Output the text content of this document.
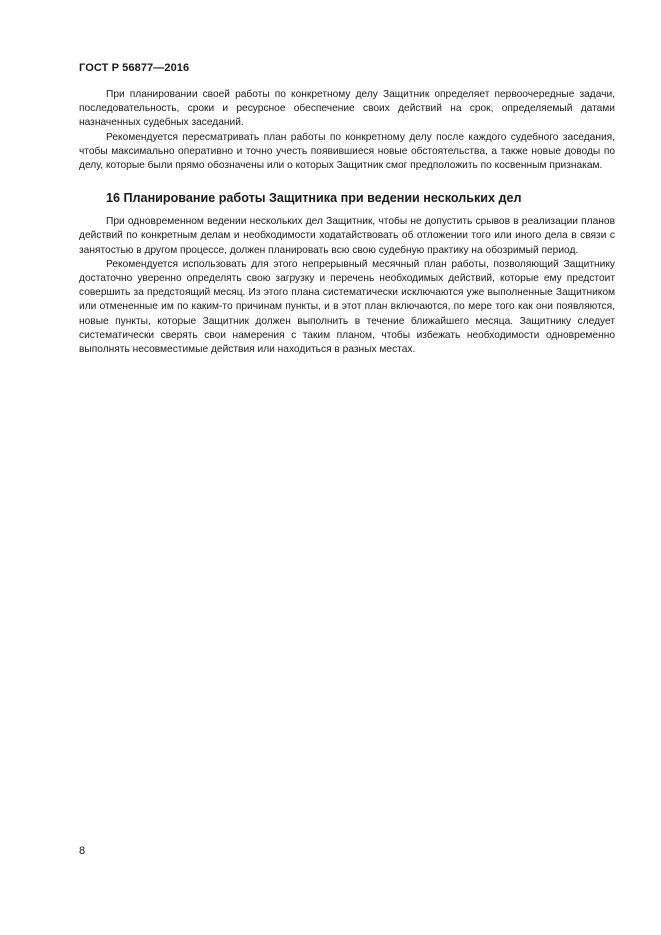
ГОСТ Р 56877—2016

При планировании своей работы по конкретному делу Защитник определяет первоочередные задачи, последовательность, сроки и ресурсное обеспечение своих действий на срок, определяемый датами назначенных судебных заседаний.

Рекомендуется пересматривать план работы по конкретному делу после каждого судебного заседания, чтобы максимально оперативно и точно учесть появившиеся новые обстоятельства, а также новые доводы по делу, которые были прямо обозначены или о которых Защитник смог предположить по косвенным признакам.

16 Планирование работы Защитника при ведении нескольких дел

При одновременном ведении нескольких дел Защитник, чтобы не допустить срывов в реализации планов действий по конкретным делам и необходимости ходатайствовать об отложении того или иного дела в связи с занятостью в другом процессе, должен планировать всю свою судебную практику на обозримый период.

Рекомендуется использовать для этого непрерывный месячный план работы, позволяющий Защитнику достаточно уверенно определять свою загрузку и перечень необходимых действий, которые ему предстоит совершить за предстоящий месяц. Из этого плана систематически исключаются уже выполненные Защитником или отмененные им по каким-то причинам пункты, и в этот план включаются, по мере того как они появляются, новые пункты, которые Защитник должен выполнить в течение ближайшего месяца. Защитнику следует систематически сверять свои намерения с таким планом, чтобы избежать необходимости одновременно выполнять несовместимые действия или находиться в разных местах.

8
